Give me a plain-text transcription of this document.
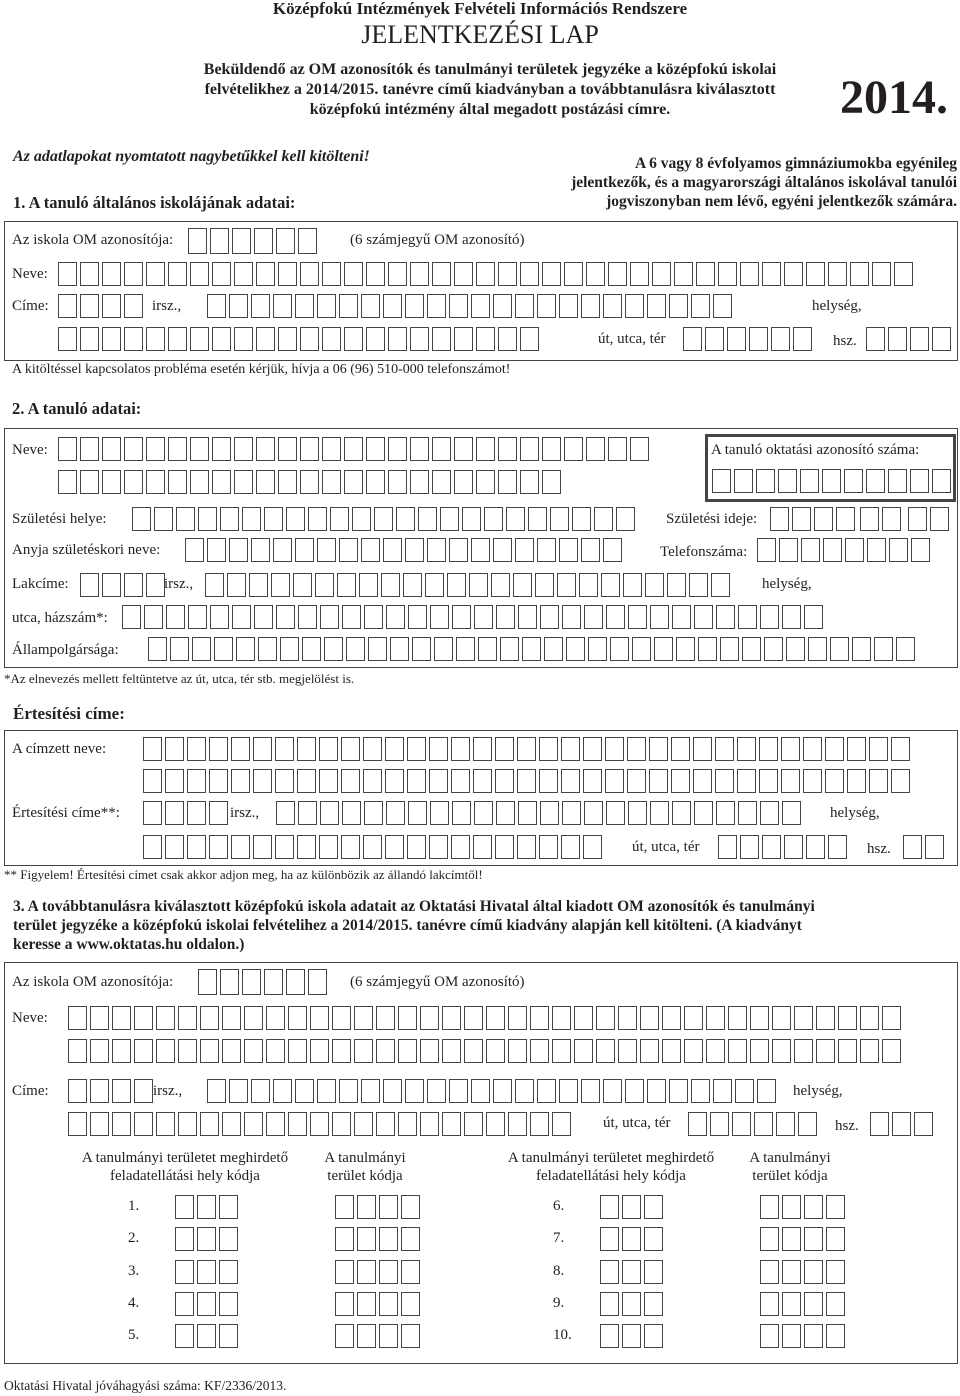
Középfokú Intézmények Felvételi Információs Rendszere
JELENTKEZÉSI LAP
Beküldendő az OM azonosítók és tanulmányi területek jegyzéke a középfokú iskolai
felvételikhez a 2014/2015. tanévre című kiadványban a továbbtanulásra kiválasztott
középfokú intézmény által megadott postázási címre.	2014.
Az adatlapokat nyomtatott nagybetűkkel kell kitölteni!	A 6 vagy 8 évfolyamos gimnáziumokba egyénileg
jelentkezők, és a magyarországi általános iskolával tanulói
jogviszonyban nem lévő, egyéni jelentkezők számára.
1. A tanuló általános iskolájának adatai:
Az iskola OM azonosítója:	(6 számjegyű OM azonosító)
Neve:
Címe:	irsz.,	helység,
út, utca, tér	hsz.
A kitöltéssel kapcsolatos probléma esetén kérjük, hívja a 06 (96) 510-000 telefonszámot!
2. A tanuló adatai:
Neve:	A tanuló oktatási azonosító száma:
Születési helye:	Születési ideje:
Anyja születéskori neve:	Telefonszáma:
Lakcíme:	irsz.,	helység,
utca, házszám*:
Állampolgársága:
*Az elnevezés mellett feltüntetve az út, utca, tér stb. megjelölést is.
Értesítési címe:
A címzett neve:
Értesítési címe**:	irsz.,	helység,
út, utca, tér	hsz.
** Figyelem! Értesítési címet csak akkor adjon meg, ha az különbözik az állandó lakcímtől!
3. A továbbtanulásra kiválasztott középfokú iskola adatait az Oktatási Hivatal által kiadott OM azonosítók és tanulmányi
terület jegyzéke a középfokú iskolai felvételihez a 2014/2015. tanévre című kiadvány alapján kell kitölteni. (A kiadványt
keresse a www.oktatas.hu oldalon.)
Az iskola OM azonosítója:	(6 számjegyű OM azonosító)
Neve:
Címe:	irsz.,	helység,
út, utca, tér	hsz.
A tanulmányi területet meghirdető
feladatellátási hely kódja
A tanulmányi
terület kódja
A tanulmányi területet meghirdető
feladatellátási hely kódja
A tanulmányi
terület kódja
1.	6.
2.	7.
3.	8.
4.	9.
5.	10.
Oktatási Hivatal jóváhagyási száma: KF/2336/2013.
